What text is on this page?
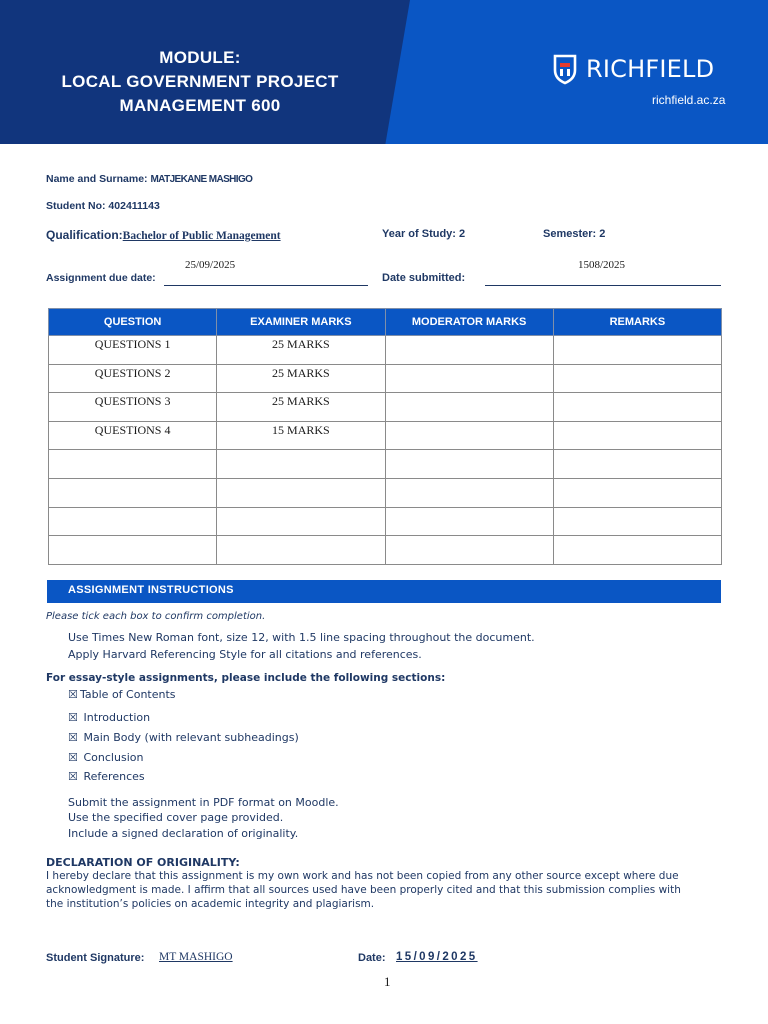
MODULE:
LOCAL GOVERNMENT PROJECT
MANAGEMENT 600
RICHFIELD
richfield.ac.za
Name and Surname: MATJEKANE MASHIGO
Student No: 402411143
Qualification:Bachelor of Public Management	Year of Study: 2	Semester: 2
Assignment due date:
25/09/2025
Date submitted:
1508/2025
QUESTION	EXAMINER MARKS	MODERATOR MARKS	REMARKS
QUESTIONS 1	25 MARKS		
QUESTIONS 2	25 MARKS		
QUESTIONS 3	25 MARKS		
QUESTIONS 4	15 MARKS		

ASSIGNMENT INSTRUCTIONS
Please tick each box to confirm completion.
Use Times New Roman font, size 12, with 1.5 line spacing throughout the document.
Apply Harvard Referencing Style for all citations and references.
For essay-style assignments, please include the following sections:
☒ Table of Contents
☒ Introduction
☒ Main Body (with relevant subheadings)
☒ Conclusion
☒ References
Submit the assignment in PDF format on Moodle.
Use the specified cover page provided.
Include a signed declaration of originality.
DECLARATION OF ORIGINALITY:
I hereby declare that this assignment is my own work and has not been copied from any other source except where due acknowledgment is made. I affirm that all sources used have been properly cited and that this submission complies with the institution’s policies on academic integrity and plagiarism.
Student Signature: MT MASHIGO	Date: 15/09/2025
1
